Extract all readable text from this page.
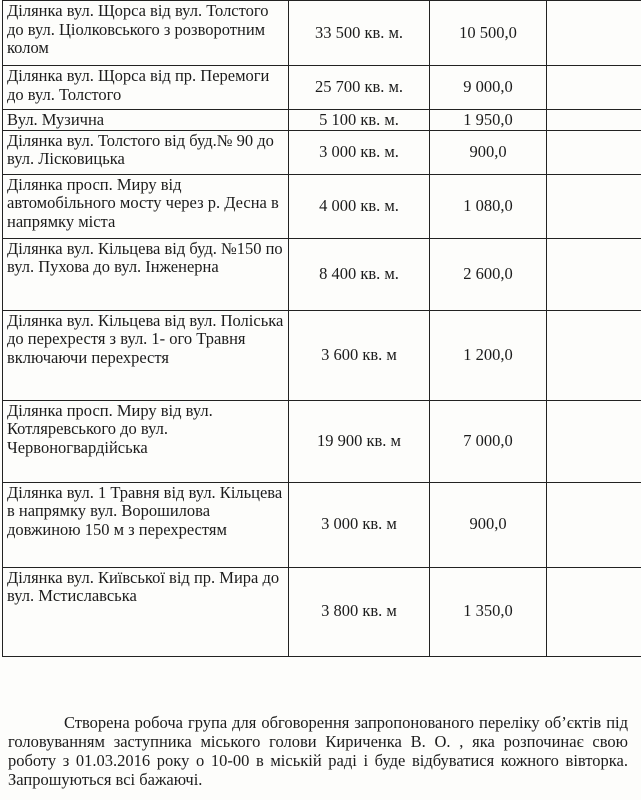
Ділянка вул. Щорса від вул. Толстого до вул. Ціолковського з розворотним колом	33 500 кв. м.	10 500,0	
Ділянка вул. Щорса від пр. Перемоги до вул. Толстого	25 700 кв. м.	9 000,0	
Вул. Музична	5 100 кв. м.	1 950,0	
Ділянка вул. Толстого від буд.№ 90 до вул. Лісковицька	3 000 кв. м.	900,0	
Ділянка просп. Миру від автомобільного мосту через р. Десна в напрямку міста	4 000 кв. м.	1 080,0	
Ділянка вул. Кільцева від буд. №150 по вул. Пухова до вул. Інженерна	8 400 кв. м.	2 600,0	
Ділянка вул. Кільцева від вул. Поліська до перехрестя з вул. 1- ого Травня включаючи перехрестя	3 600 кв. м	1 200,0	
Ділянка просп. Миру від вул. Котляревського до вул. Червоногвардійська	19 900 кв. м	7 000,0	
Ділянка вул. 1 Травня від вул. Кільцева в напрямку вул. Ворошилова довжиною 150 м з перехрестям	3 000 кв. м	900,0	
Ділянка вул. Київської від пр. Мира до вул. Мстиславська	3 800 кв. м	1 350,0	

Створена робоча група для обговорення запропонованого переліку об’єктів під головуванням заступника міського голови Кириченка В. О. , яка розпочинає свою роботу з 01.03.2016 року о 10-00 в міській раді і буде відбуватися кожного вівторка. Запрошуються всі бажаючі.
